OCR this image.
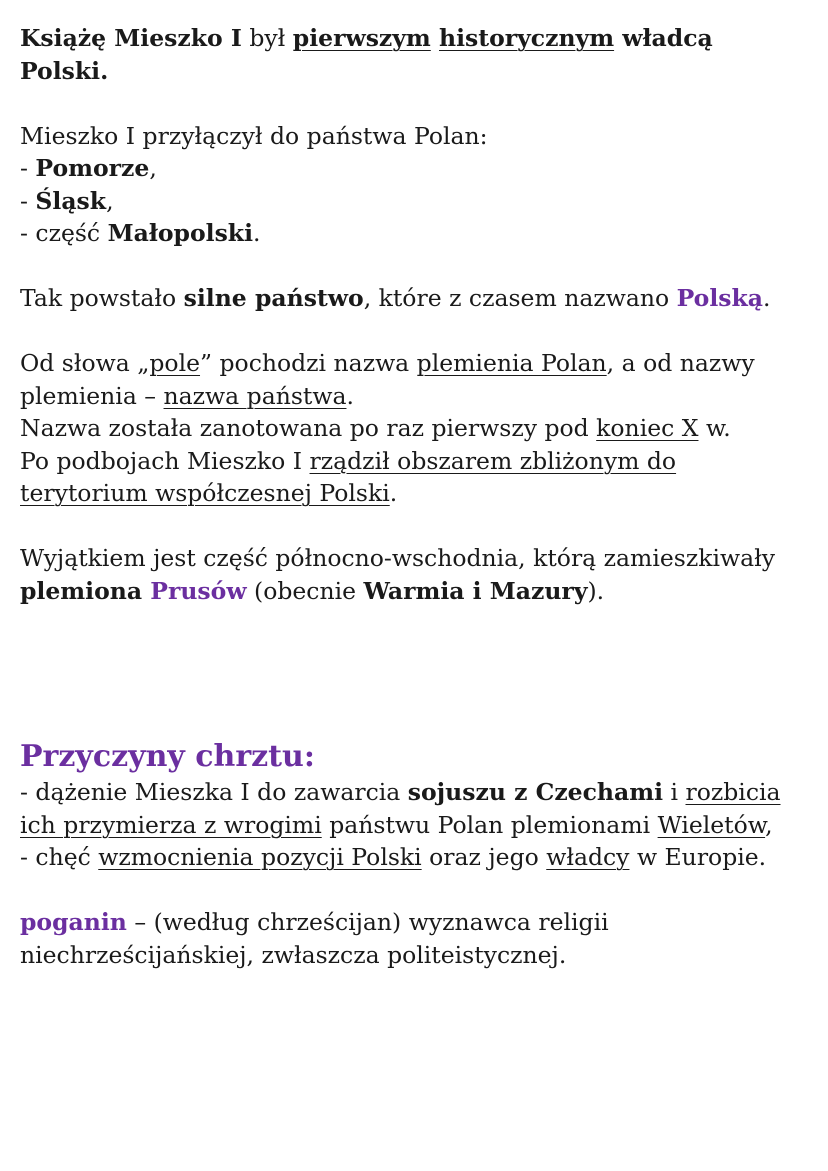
Książę Mieszko I był pierwszym historycznym władcą Polski.

Mieszko I przyłączył do państwa Polan:

- Pomorze,

- Śląsk,

- część Małopolski.

Tak powstało silne państwo, które z czasem nazwano Polską.

Od słowa „pole” pochodzi nazwa plemienia Polan, a od nazwy plemienia – nazwa państwa.

Nazwa została zanotowana po raz pierwszy pod koniec X w.

Po podbojach Mieszko I rządził obszarem zbliżonym do terytorium współczesnej Polski.

Wyjątkiem jest część północno-wschodnia, którą zamieszkiwały plemiona Prusów (obecnie Warmia i Mazury).

Przyczyny chrztu:

- dążenie Mieszka I do zawarcia sojuszu z Czechami i rozbicia ich przymierza z wrogimi państwu Polan plemionami Wieletów,

- chęć wzmocnienia pozycji Polski oraz jego władcy w Europie.

poganin – (według chrześcijan) wyznawca religii niechrześcijańskiej, zwłaszcza politeistycznej.
